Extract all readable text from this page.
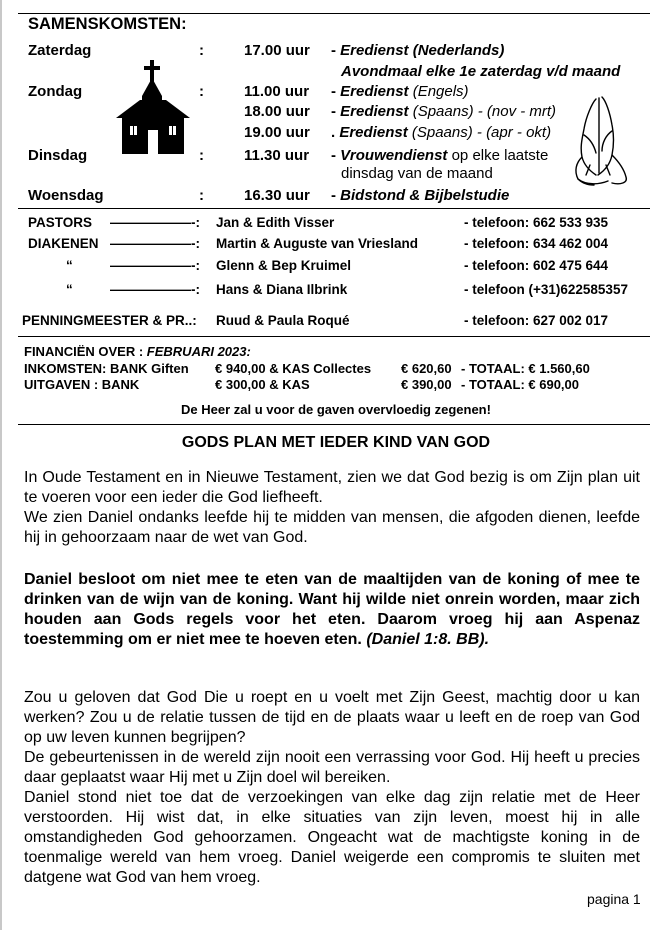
SAMENSKOMSTEN:
Zaterdag	:	17.00 uur - Eredienst (Nederlands)
Avondmaal elke 1e zaterdag v/d maand
Zondag	:	11.00 uur - Eredienst (Engels)
18.00 uur - Eredienst (Spaans) - (nov - mrt)
19.00 uur . Eredienst (Spaans) - (apr - okt)
Dinsdag	:	11.30 uur - Vrouwendienst op elke laatste
dinsdag van de maand
Woensdag	:	16.30 uur - Bidstond & Bijbelstudie
PASTORS ——————-: Jan & Edith Visser	- telefoon: 662 533 935
DIAKENEN ——————-: Martin & Auguste van Vriesland	- telefoon: 634 462 004
“	——————-: Glenn & Bep Kruimel	- telefoon: 602 475 644
“	——————-: Hans & Diana Ilbrink	- telefoon (+31)622585357
PENNINGMEESTER & PR..: Ruud & Paula Roqué	- telefoon: 627 002 017
FINANCIËN OVER : FEBRUARI 2023:
INKOMSTEN: BANK Giften € 940,00 & KAS Collectes € 620,60 - TOTAAL: € 1.560,60
UITGAVEN : BANK	€ 300,00 & KAS	€ 390,00 - TOTAAL: € 690,00
De Heer zal u voor de gaven overvloedig zegenen!
GODS PLAN MET IEDER KIND VAN GOD

In Oude Testament en in Nieuwe Testament, zien we dat God bezig is om Zijn plan uit te voeren voor een ieder die God liefheeft.

We zien Daniel ondanks leefde hij te midden van mensen, die afgoden dienen, leefde hij in gehoorzaam naar de wet van God.

Daniel besloot om niet mee te eten van de maaltijden van de koning of mee te drinken van de wijn van de koning. Want hij wilde niet onrein worden, maar zich houden aan Gods regels voor het eten. Daarom vroeg hij aan Aspenaz toestemming om er niet mee te hoeven eten. (Daniel 1:8. BB).

Zou u geloven dat God Die u roept en u voelt met Zijn Geest, machtig door u kan werken? Zou u de relatie tussen de tijd en de plaats waar u leeft en de roep van God op uw leven kunnen begrijpen?

De gebeurtenissen in de wereld zijn nooit een verrassing voor God. Hij heeft u precies daar geplaatst waar Hij met u Zijn doel wil bereiken.

Daniel stond niet toe dat de verzoekingen van elke dag zijn relatie met de Heer verstoorden. Hij wist dat, in elke situaties van zijn leven, moest hij in alle omstandigheden God gehoorzamen. Ongeacht wat de machtigste koning in de toenmalige wereld van hem vroeg. Daniel weigerde een compromis te sluiten met datgene wat God van hem vroeg.

pagina 1
